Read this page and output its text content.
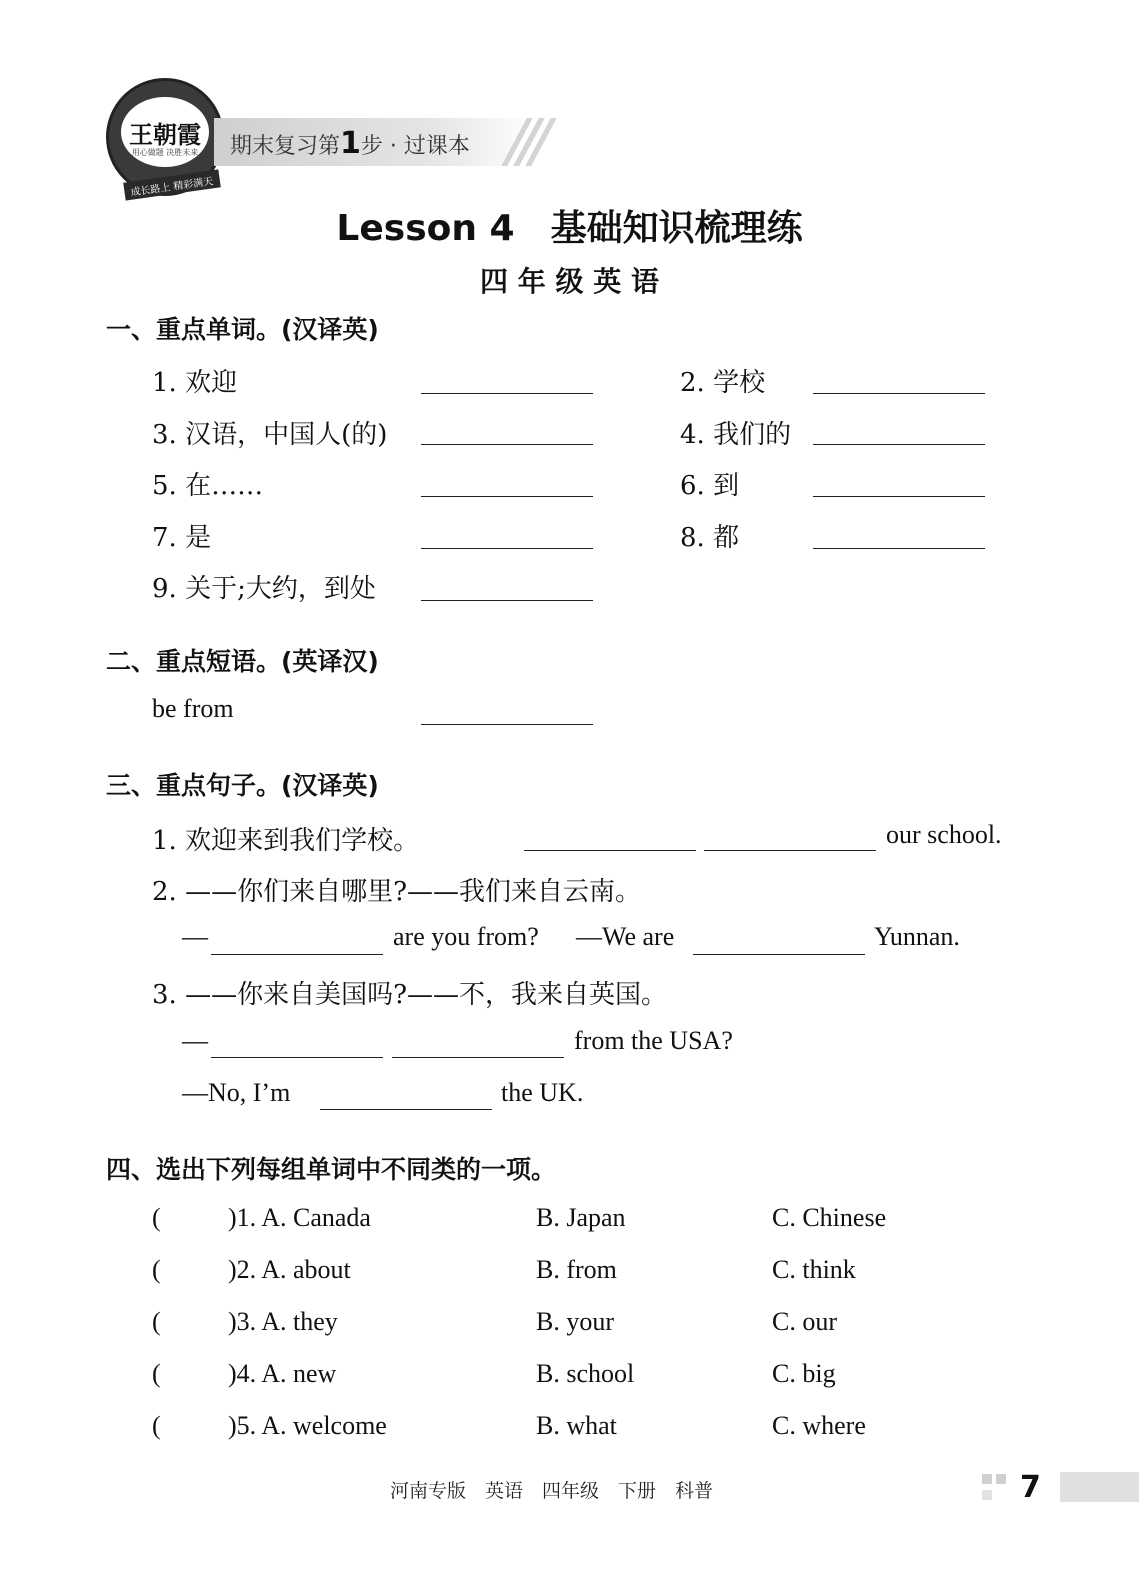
王朝霞
用心做题 决胜未来
成长路上 精彩满天
期末复习第1步 · 过课本
Lesson 4　基础知识梳理练
四 年 级 英 语
一、重点单词。(汉译英)
1. 欢迎	2. 学校
3. 汉语，中国人(的)	4. 我们的
5. 在……	6. 到
7. 是	8. 都
9. 关于;大约，到处
二、重点短语。(英译汉)
be from
三、重点句子。(汉译英)
1. 欢迎来到我们学校。	our school.
2. ——你们来自哪里?——我们来自云南。
—	are you from? —We are	Yunnan.
3. ——你来自美国吗?——不，我来自英国。
—	from the USA?
—No, I’m	the UK.
四、选出下列每组单词中不同类的一项。
(	)1. A. Canada	B. Japan	C. Chinese
(	)2. A. about	B. from	C. think
(	)3. A. they	B. your	C. our
(	)4. A. new	B. school	C. big
(	)5. A. welcome	B. what	C. where
河南专版　英语　四年级　下册　科普	7
